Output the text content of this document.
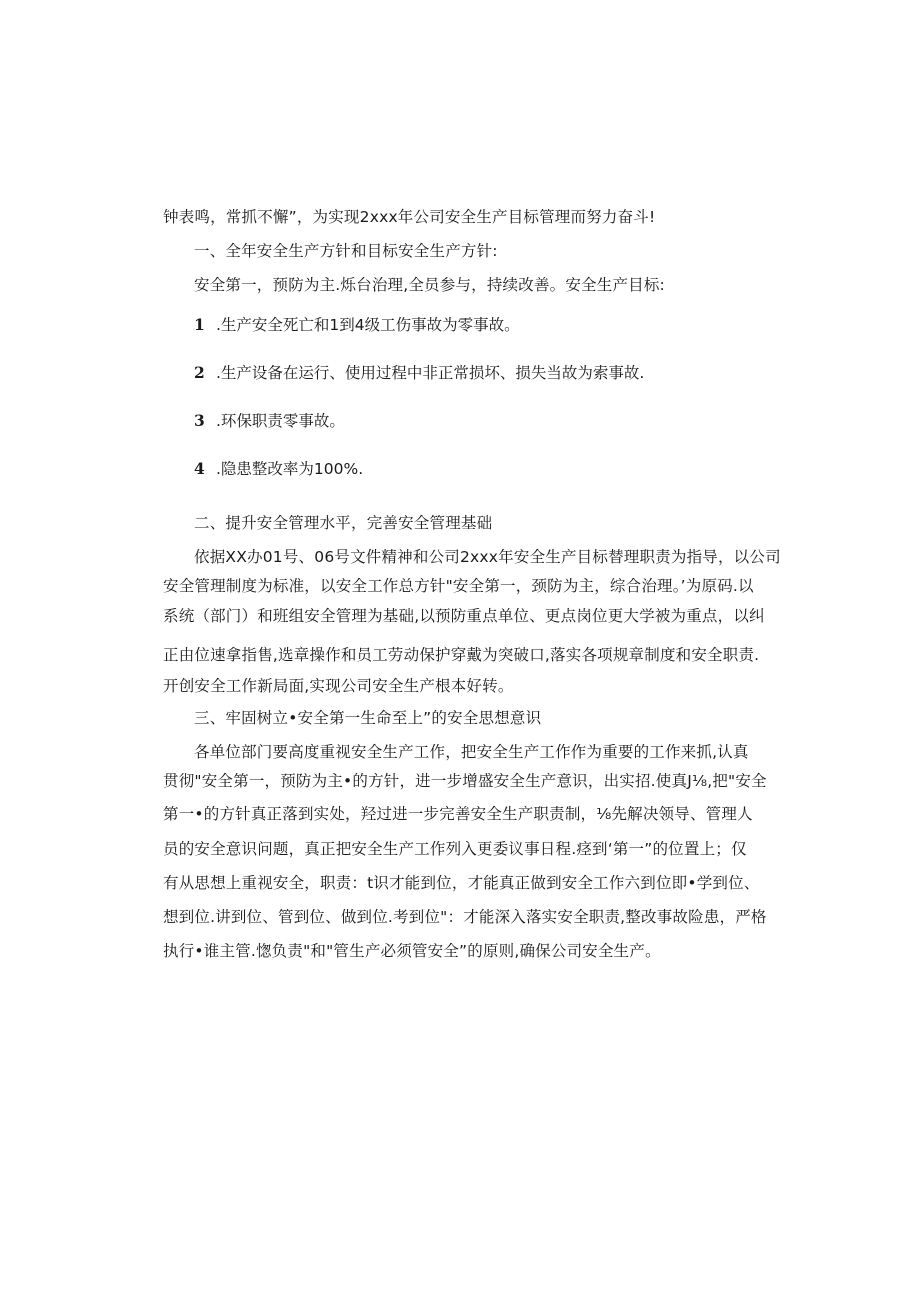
钟表鸣，常抓不懈”，为实现2xxx年公司安全生产目标管理而努力奋斗!
一、全年安全生产方针和目标安全生产方针:
安全第一，预防为主.烁台治理,全员参与，持续改善。安全生产目标:
1 .生产安全死亡和1到4级工伤事故为零事故。
2 .生产设备在运行、使用过程中非正常损坏、损失当故为索事故.
3 .环保职责零事故。
4 .隐患整改率为100%.
二、提升安全管理水平，完善安全管理基础
依据XX办01号、06号文件精神和公司2xxx年安全生产目标替理职责为指导，以公司
安全管理制度为标准，以安全工作总方针"安全第一，颈防为主，综合治理。’为原码.以
系统（部门）和班组安全管理为基础,以预防重点单位、更点岗位更大学被为重点，以纠
正由位速拿指售,选章操作和员工劳动保护穿戴为突破口,落实各项规章制度和安全职责.
开创安全工作新局面,实现公司安全生产根本好转。
三、牢固树立•安全第一生命至上”的安全思想意识
各单位部门要高度重视安全生产工作，把安全生产工作作为重要的工作来抓,认真
贯彻"安全第一，预防为主•的方针，进一步增盛安全生产意识，出实招.使真J⅛,把"安全
第一•的方针真正落到实处，羟过进一步完善安全生产职责制，⅛先解决领导、管理人
员的安全意识问题，真正把安全生产工作列入更委议事日程.痉到‘第一”的位置上；仅
有从思想上重视安全，职责：t识才能到位，才能真正做到安全工作六到位即•学到位、
想到位.讲到位、管到位、做到位.考到位"：才能深入落实安全职责,整改事故险患，严格
执行•谁主管.愡负责"和"管生产必须管安全”的原则,确保公司安全生产。
